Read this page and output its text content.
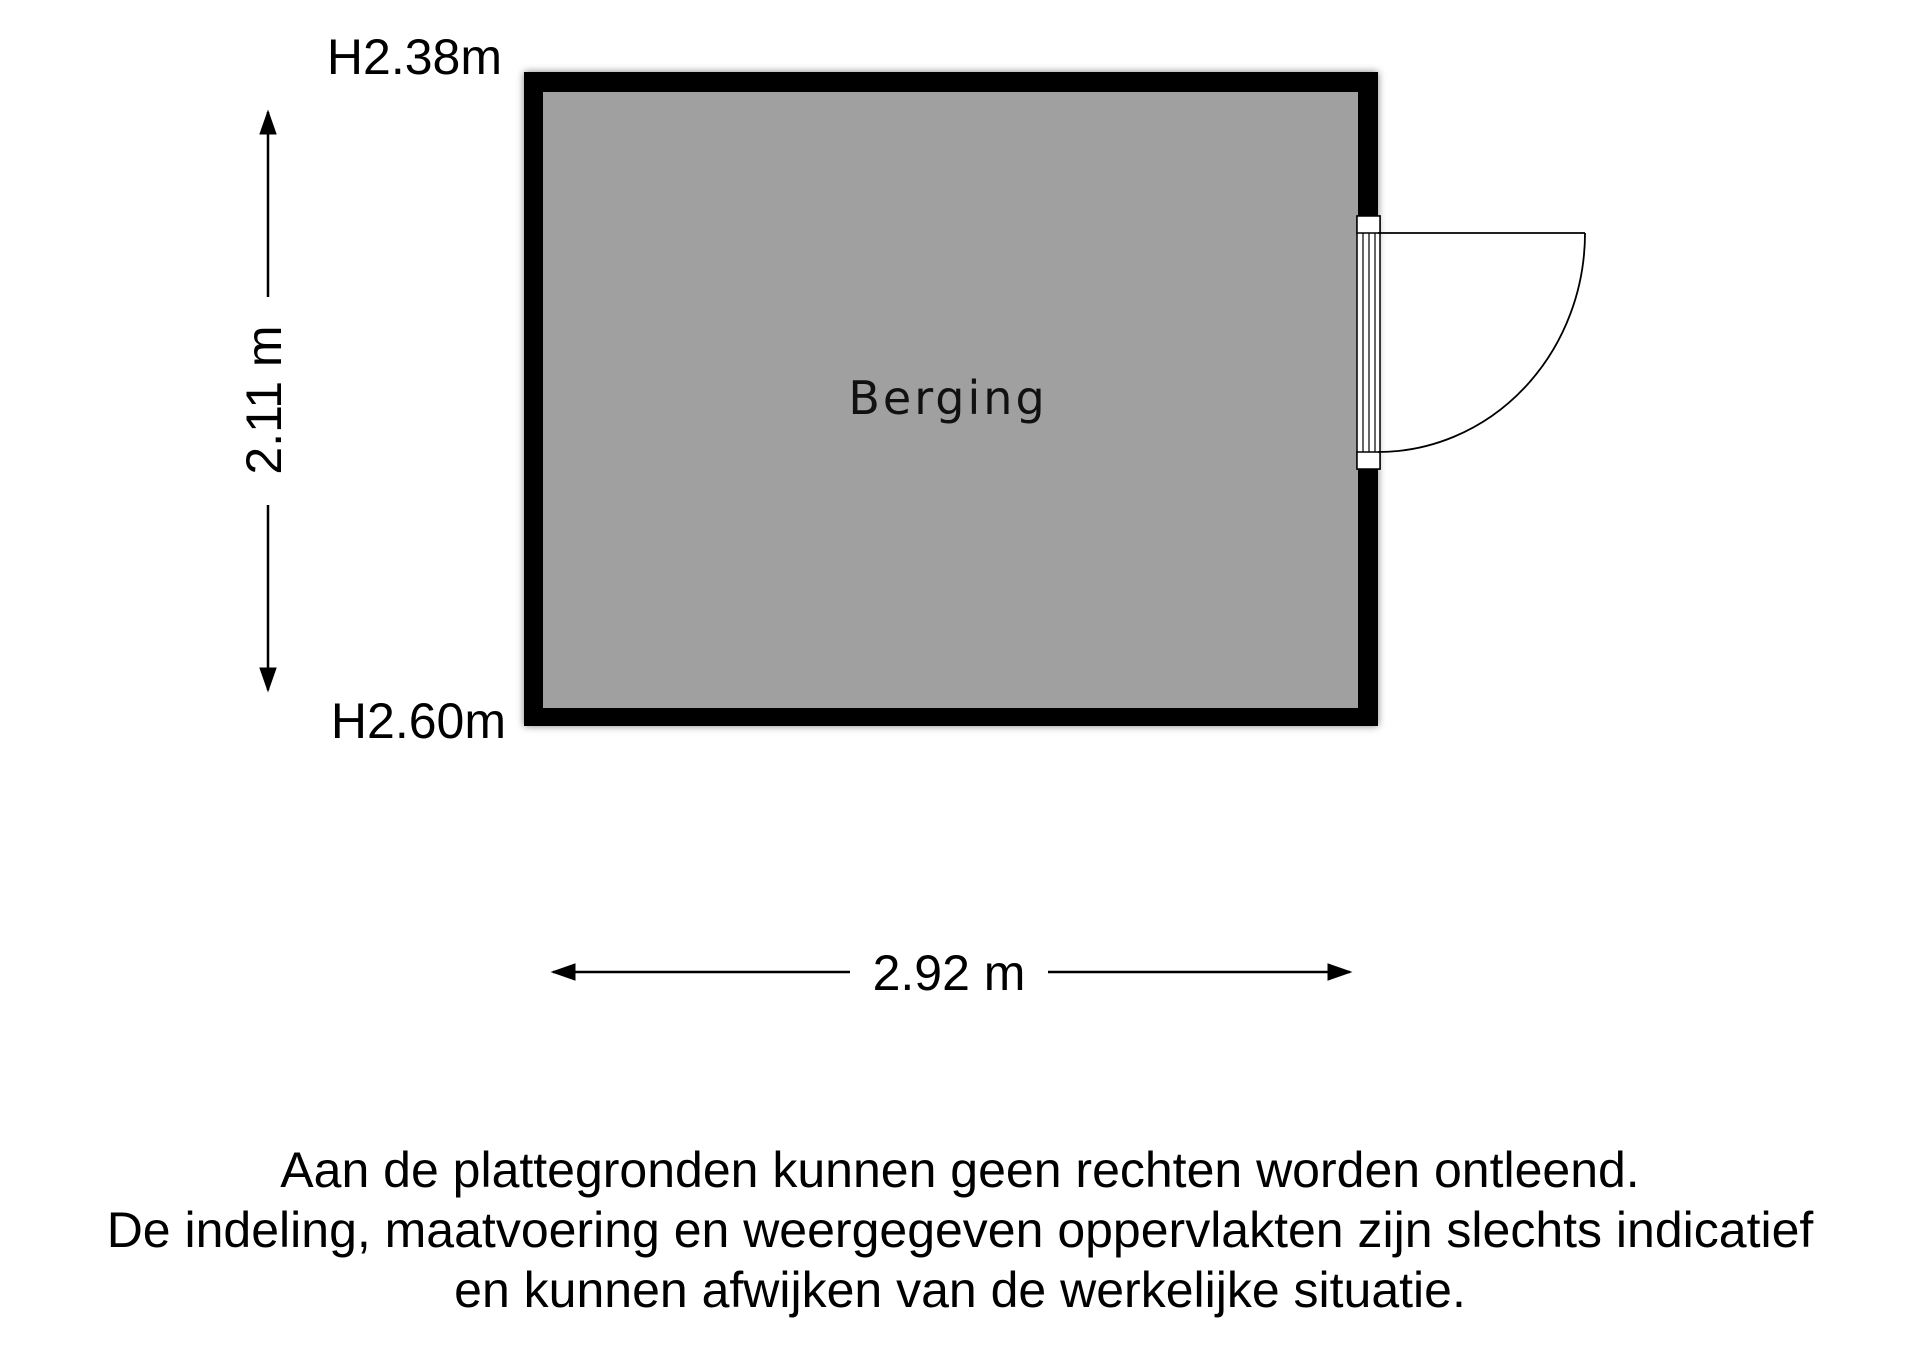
2.11 m
2.92 m
H2.38m
H2.60m
Berging
Aan de plattegronden kunnen geen rechten worden ontleend.
De indeling, maatvoering en weergegeven oppervlakten zijn slechts indicatief
en kunnen afwijken van de werkelijke situatie.
